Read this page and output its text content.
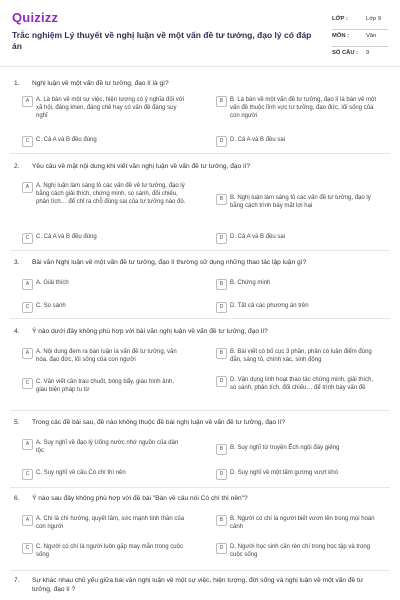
Quizizz
Trắc nghiệm Lý thuyết về nghị luận về một vấn đề tư tưởng, đạo lý có đáp án
LỚP :	Lớp 9
MÔN :	Văn
SỐ CÂU : 9
1. Nghị luận về một vấn đề tư tưởng, đạo lí là gì?
A	A. Là bàn về một sự việc, hiện tượng có ý nghĩa đối với xã hội, đáng khen, đáng chê hay có vấn đề đáng suy nghĩ
B	B. Là bàn về một vấn đề tư tưởng, đạo lí là bàn về một vấn đề thuộc lĩnh vực tư tưởng, đạo đức, lối sống của con người
C	C. Cả A và B đều đúng	D	D. Cả A và B đều sai
2. Yêu cầu về mặt nội dung khi viết văn nghị luận về vấn đề tư tưởng, đạo lí?
A	A. Nghị luận làm sáng tỏ các vấn đề về tư tưởng, đạo lý bằng cách giải thích, chứng minh, so sánh, đối chiếu, phân tích… để chỉ ra chỗ đúng sai của tư tưởng nào đó.
B	B. Nghị luận làm sáng tỏ các vấn đề tư tưởng, đạo lý bằng cách trình bày mặt lợi hại
C	C. Cả A và B đều đúng	D	D. Cả A và B đều sai
3. Bài văn Nghị luận về một vấn đề tư tưởng, đạo lí thường sử dụng những thao tác lập luận gì?
A	A. Giải thích	B	B. Chứng minh
C	C. So sánh	D	D. Tất cả các phương án trên
4. Ý nào dưới đây không phù hợp với bài văn nghị luận về vấn đề tư tưởng, đạo lí?
A	A. Nội dung đem ra bàn luận là vấn đề tư tưởng, văn hóa, đạo đức, lối sống của con người
B	B. Bài viết có bố cục 3 phần, phân có luận điểm đúng đắn, sáng tỏ, chính xác, sinh động
C	C. Văn viết cần trau chuốt, bóng bẩy, giàu hình ảnh, giàu biện pháp tu từ
D	D. Vận dụng linh hoạt thao tác chứng minh, giải thích, so sánh, phân tích, đối chiếu… để trình bày vấn đề
5. Trong các đề bài sau, đề nào không thuộc đề bài nghị luận về vấn đề tư tưởng, đạo lí?
A	A. Suy nghĩ về đạo lý Uống nước nhớ nguồn của dân tộc	B	B. Suy nghĩ từ truyện Ếch ngồi đáy giếng
C	C. Suy nghĩ về câu Có chí thì nên	D	D. Suy nghĩ về một tấm gương vượt khó
6. Ý nào sau đây không phù hợp với đề bài "Bàn về câu nói Có chí thì nên"?
A	A. Chí là chí hướng, quyết tâm, sức mạnh tinh thần của con người
B	B. Người có chí là người biết vươn lên trong mọi hoàn cảnh
C	C. Người có chí là người luôn gặp may mắn trong cuộc sống
D	D. Người học sinh cần rèn chí trong học tập và trong cuộc sống
7. Sự khác nhau chủ yếu giữa bài văn nghị luận về một sự việc, hiện tượng, đời sống và nghị luận về một vấn đề tư tưởng, đạo lí ?
